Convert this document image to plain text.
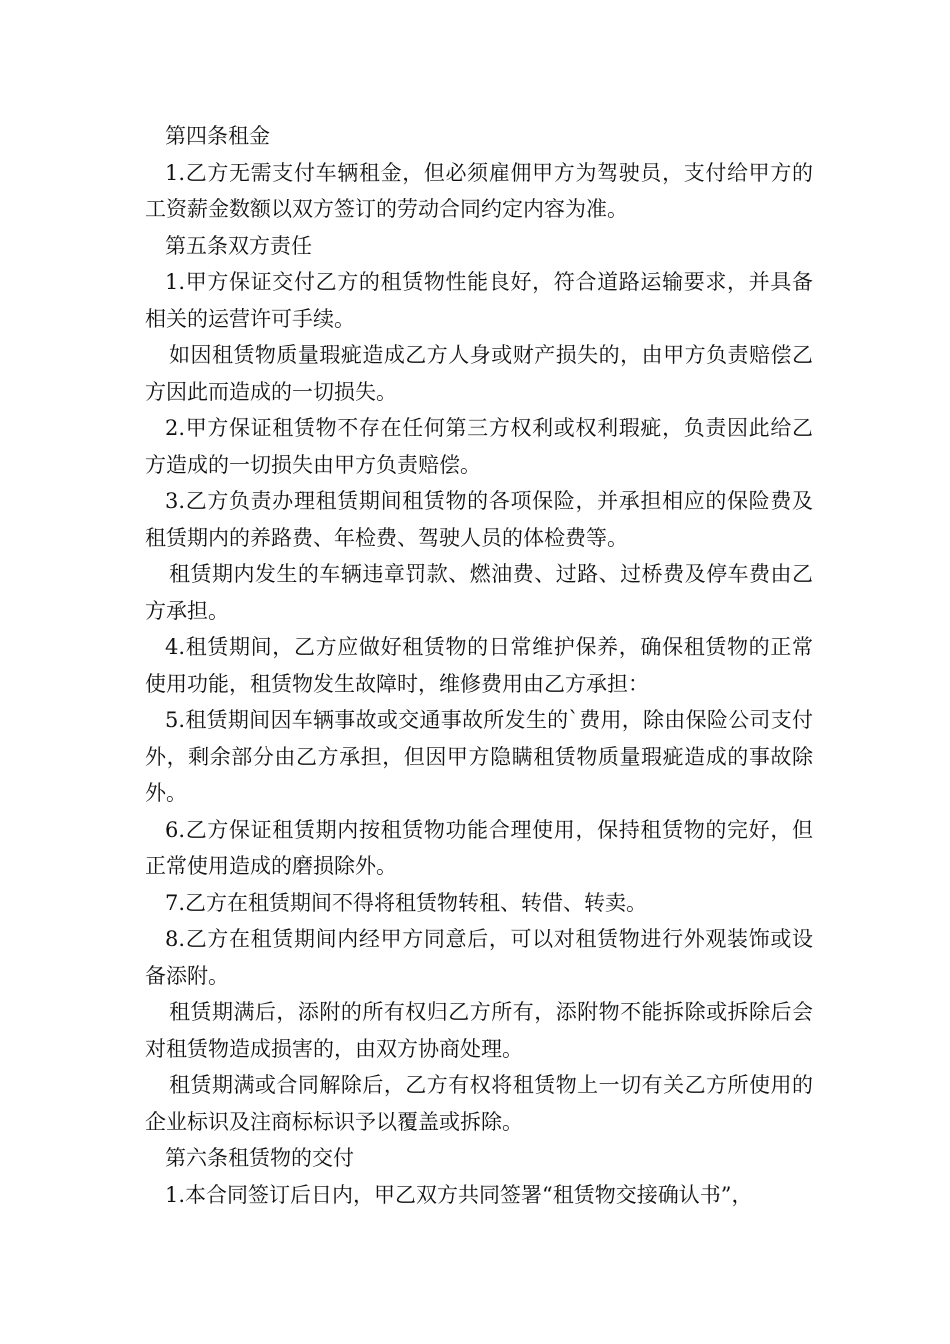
第四条租金

1.乙方无需支付车辆租金，但必须雇佣甲方为驾驶员，支付给甲方的工资薪金数额以双方签订的劳动合同约定内容为准。

第五条双方责任

1.甲方保证交付乙方的租赁物性能良好，符合道路运输要求，并具备相关的运营许可手续。

如因租赁物质量瑕疵造成乙方人身或财产损失的，由甲方负责赔偿乙方因此而造成的一切损失。

2.甲方保证租赁物不存在任何第三方权利或权利瑕疵，负责因此给乙方造成的一切损失由甲方负责赔偿。

3.乙方负责办理租赁期间租赁物的各项保险，并承担相应的保险费及租赁期内的养路费、年检费、驾驶人员的体检费等。

租赁期内发生的车辆违章罚款、燃油费、过路、过桥费及停车费由乙方承担。

4.租赁期间，乙方应做好租赁物的日常维护保养，确保租赁物的正常使用功能，租赁物发生故障时，维修费用由乙方承担：

5.租赁期间因车辆事故或交通事故所发生的`费用，除由保险公司支付外，剩余部分由乙方承担，但因甲方隐瞒租赁物质量瑕疵造成的事故除外。

6.乙方保证租赁期内按租赁物功能合理使用，保持租赁物的完好，但正常使用造成的磨损除外。

7.乙方在租赁期间不得将租赁物转租、转借、转卖。

8.乙方在租赁期间内经甲方同意后，可以对租赁物进行外观装饰或设备添附。

租赁期满后，添附的所有权归乙方所有，添附物不能拆除或拆除后会对租赁物造成损害的，由双方协商处理。

租赁期满或合同解除后，乙方有权将租赁物上一切有关乙方所使用的企业标识及注商标标识予以覆盖或拆除。

第六条租赁物的交付

1.本合同签订后日内，甲乙双方共同签署“租赁物交接确认书”，
